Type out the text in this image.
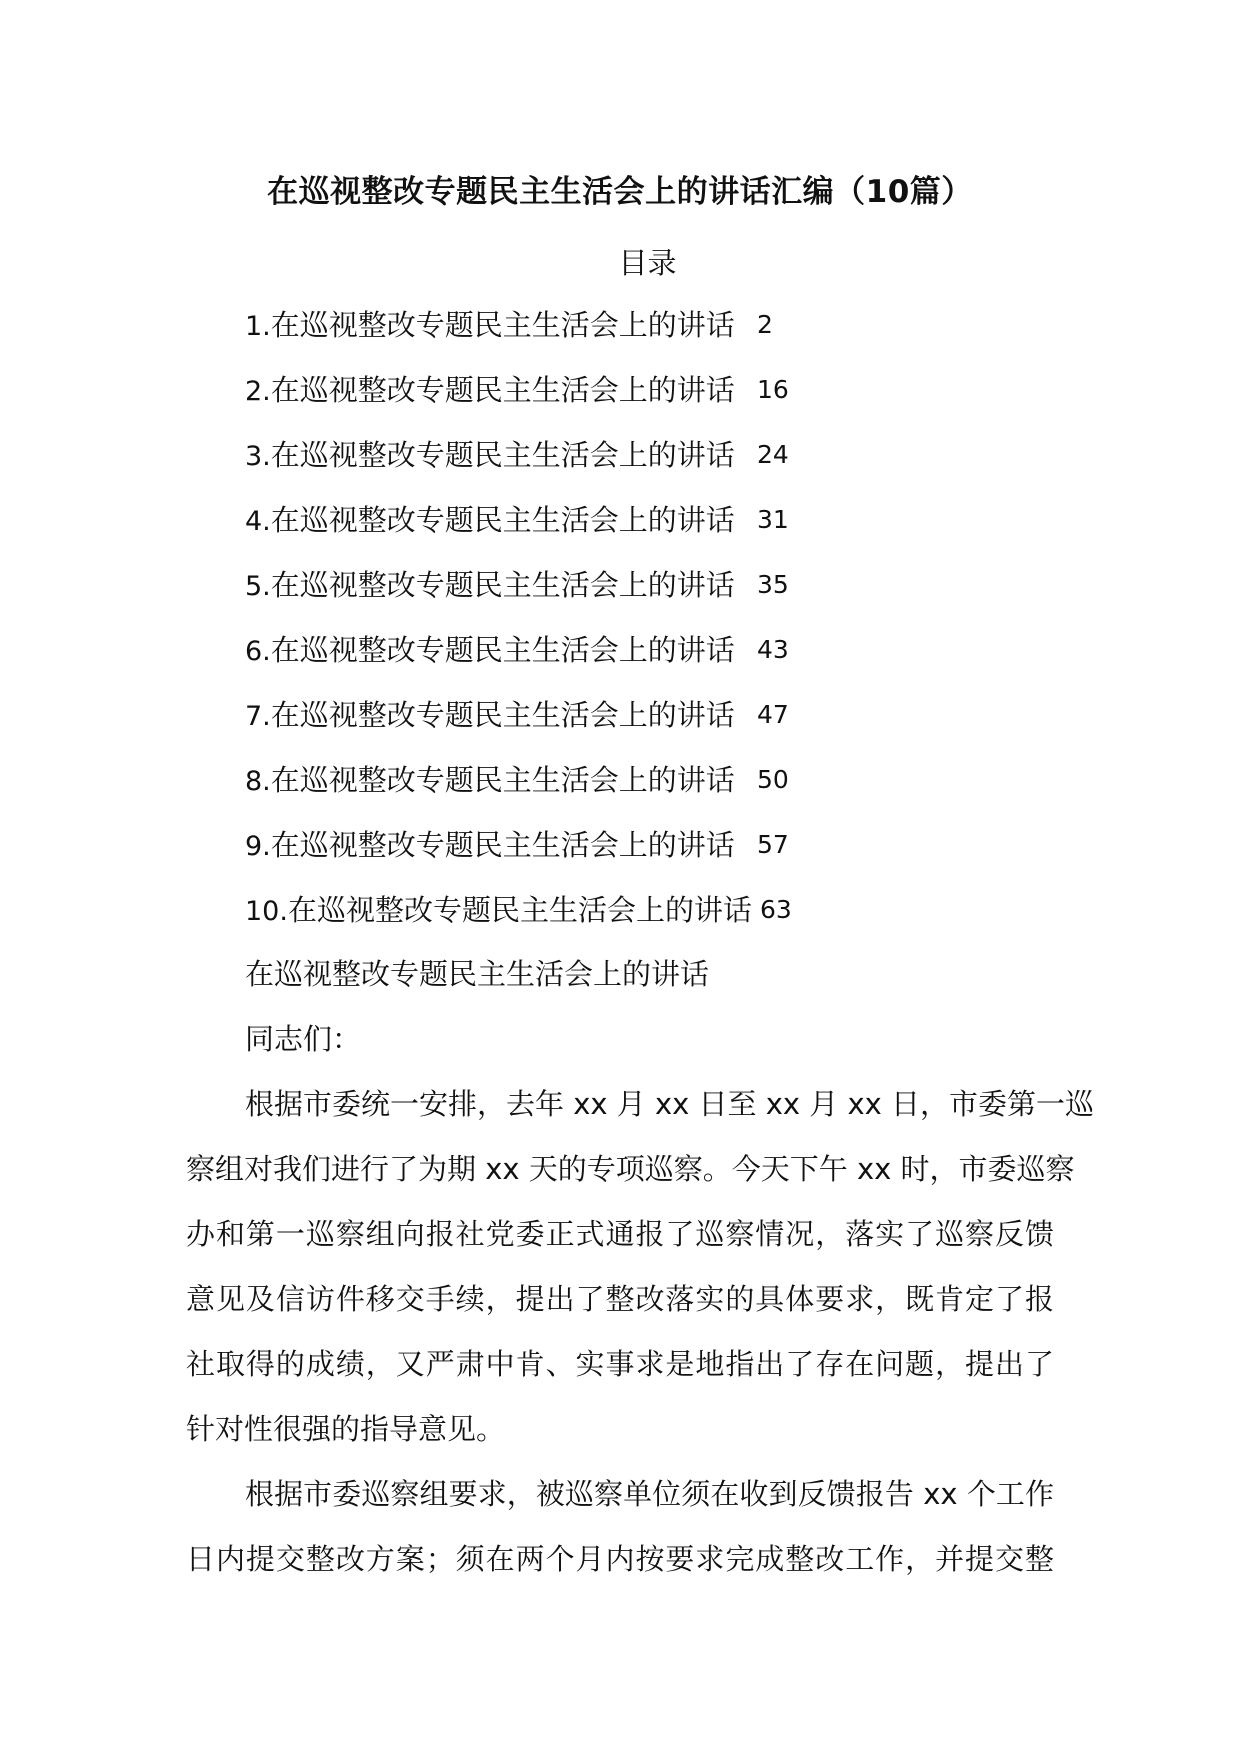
在巡视整改专题民主生活会上的讲话汇编（10篇）
目录
1.在巡视整改专题民主生活会上的讲话 2
2.在巡视整改专题民主生活会上的讲话 16
3.在巡视整改专题民主生活会上的讲话 24
4.在巡视整改专题民主生活会上的讲话 31
5.在巡视整改专题民主生活会上的讲话 35
6.在巡视整改专题民主生活会上的讲话 43
7.在巡视整改专题民主生活会上的讲话 47
8.在巡视整改专题民主生活会上的讲话 50
9.在巡视整改专题民主生活会上的讲话 57
10.在巡视整改专题民主生活会上的讲话 63
在巡视整改专题民主生活会上的讲话
同志们：
根据市委统一安排，去年 xx 月 xx 日至 xx 月 xx 日，市委第一巡
察组对我们进行了为期 xx 天的专项巡察。今天下午 xx 时，市委巡察
办和第一巡察组向报社党委正式通报了巡察情况，落实了巡察反馈
意见及信访件移交手续，提出了整改落实的具体要求，既肯定了报
社取得的成绩，又严肃中肯、实事求是地指出了存在问题，提出了
针对性很强的指导意见。
根据市委巡察组要求，被巡察单位须在收到反馈报告 xx 个工作
日内提交整改方案；须在两个月内按要求完成整改工作，并提交整
